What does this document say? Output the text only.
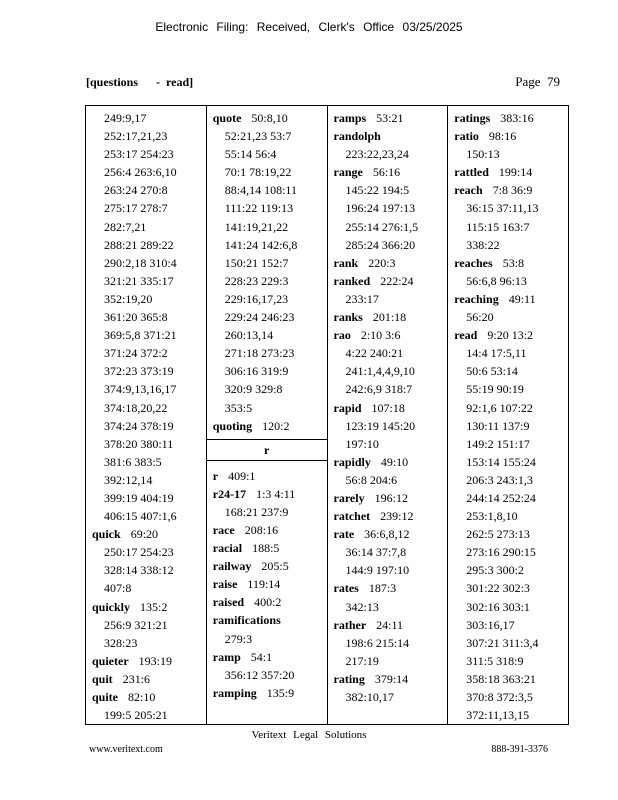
Electronic Filing: Received, Clerk's Office 03/25/2025
[questions      -  read]	Page  79
249:9,17
252:17,21,23
253:17 254:23
256:4 263:6,10
263:24 270:8
275:17 278:7
282:7,21
288:21 289:22
290:2,18 310:4
321:21 335:17
352:19,20
361:20 365:8
369:5,8 371:21
371:24 372:2
372:23 373:19
374:9,13,16,17
374:18,20,22
374:24 378:19
378:20 380:11
381:6 383:5
392:12,14
399:19 404:19
406:15 407:1,6
quick 69:20
250:17 254:23
328:14 338:12
407:8
quickly 135:2
256:9 321:21
328:23
quieter 193:19
quit 231:6
quite 82:10
199:5 205:21
quote 50:8,10
52:21,23 53:7
55:14 56:4
70:1 78:19,22
88:4,14 108:11
111:22 119:13
141:19,21,22
141:24 142:6,8
150:21 152:7
228:23 229:3
229:16,17,23
229:24 246:23
260:13,14
271:18 273:23
306:16 319:9
320:9 329:8
353:5
quoting 120:2
r
r 409:1
r24-17 1:3 4:11
168:21 237:9
race 208:16
racial 188:5
railway 205:5
raise 119:14
raised 400:2
ramifications
279:3
ramp 54:1
356:12 357:20
ramping 135:9
ramps 53:21
randolph
223:22,23,24
range 56:16
145:22 194:5
196:24 197:13
255:14 276:1,5
285:24 366:20
rank 220:3
ranked 222:24
233:17
ranks 201:18
rao 2:10 3:6
4:22 240:21
241:1,4,4,9,10
242:6,9 318:7
rapid 107:18
123:19 145:20
197:10
rapidly 49:10
56:8 204:6
rarely 196:12
ratchet 239:12
rate 36:6,8,12
36:14 37:7,8
144:9 197:10
rates 187:3
342:13
rather 24:11
198:6 215:14
217:19
rating 379:14
382:10,17
ratings 383:16
ratio 98:16
150:13
rattled 199:14
reach 7:8 36:9
36:15 37:11,13
115:15 163:7
338:22
reaches 53:8
56:6,8 96:13
reaching 49:11
56:20
read 9:20 13:2
14:4 17:5,11
50:6 53:14
55:19 90:19
92:1,6 107:22
130:11 137:9
149:2 151:17
153:14 155:24
206:3 243:1,3
244:14 252:24
253:1,8,10
262:5 273:13
273:16 290:15
295:3 300:2
301:22 302:3
302:16 303:1
303:16,17
307:21 311:3,4
311:5 318:9
358:18 363:21
370:8 372:3,5
372:11,13,15
Veritext Legal Solutions
www.veritext.com	888-391-3376
